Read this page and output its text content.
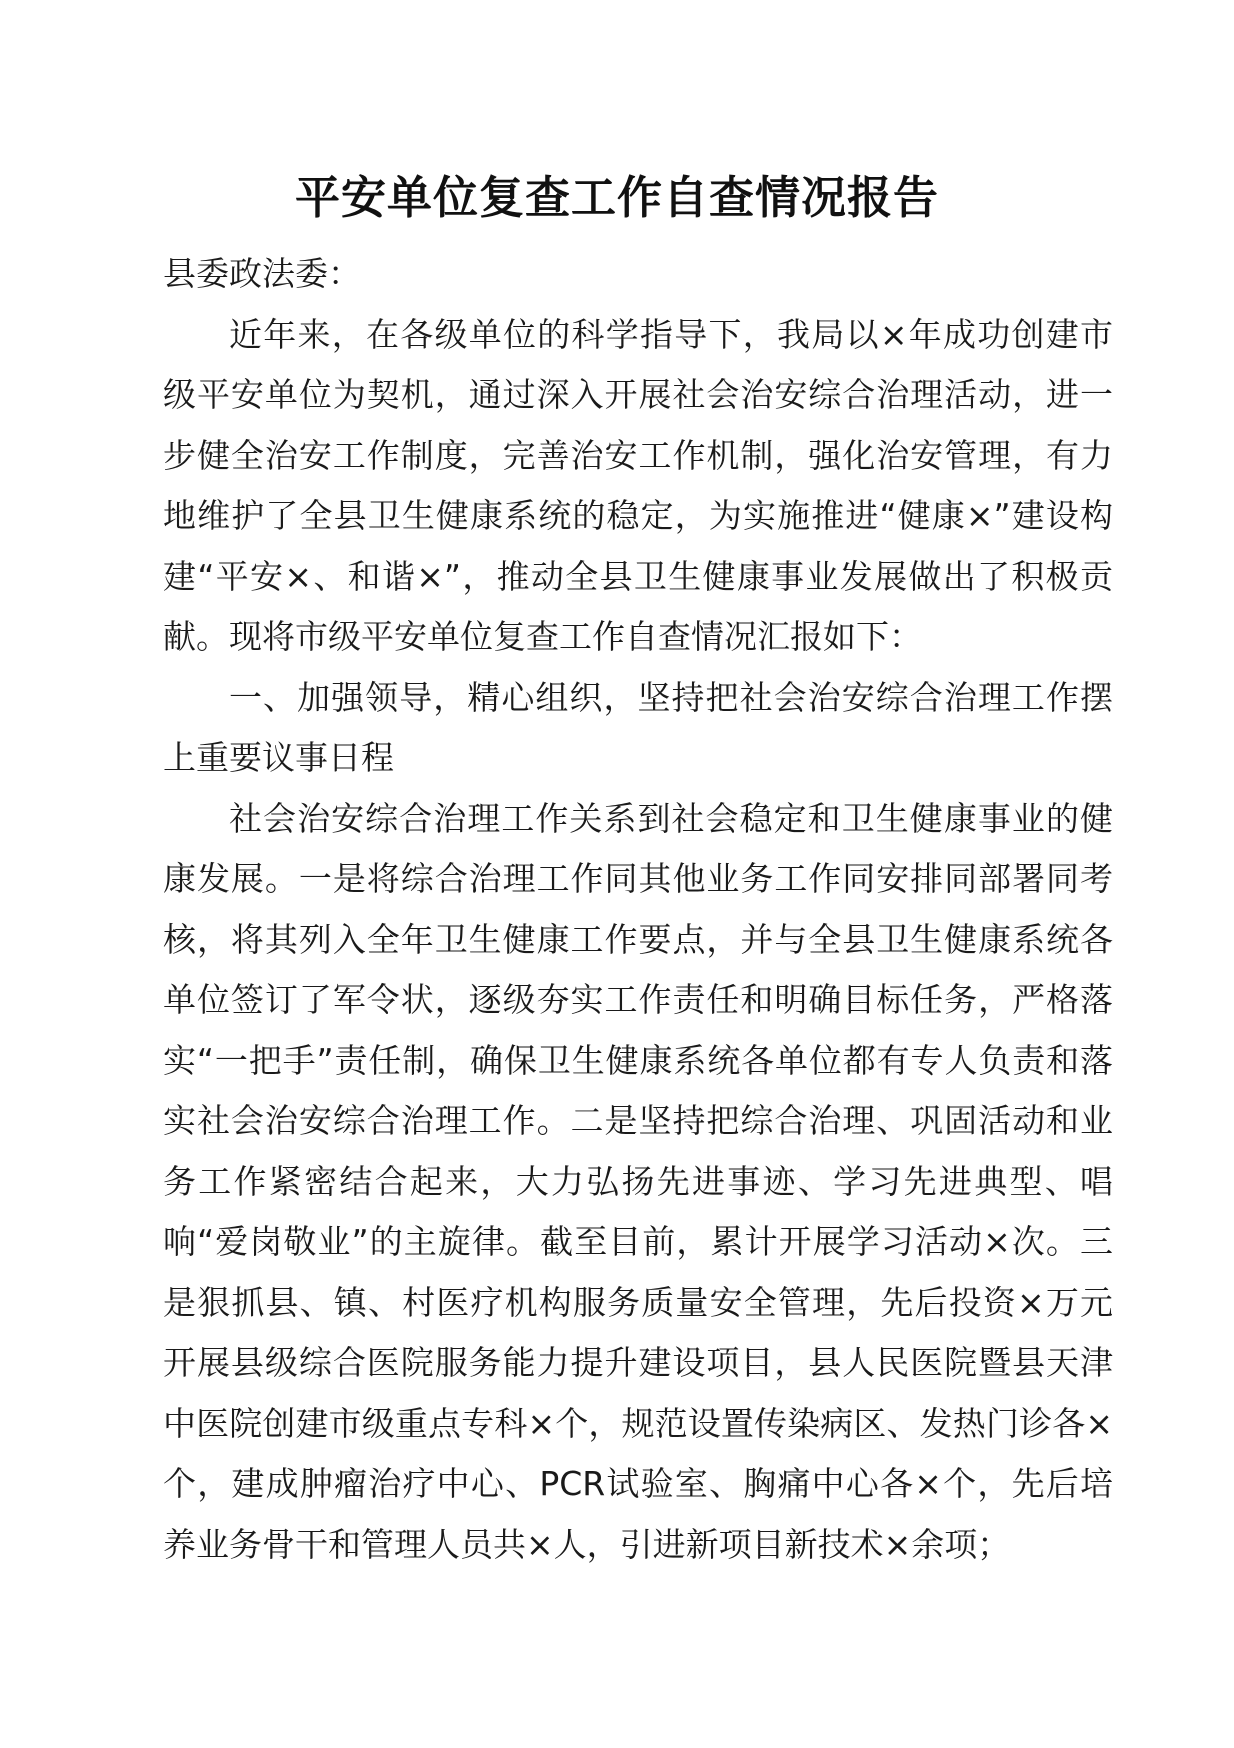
平安单位复查工作自查情况报告

县委政法委：

近年来，在各级单位的科学指导下，我局以×年成功创建市级平安单位为契机，通过深入开展社会治安综合治理活动，进一步健全治安工作制度，完善治安工作机制，强化治安管理，有力地维护了全县卫生健康系统的稳定，为实施推进“健康×”建设构建“平安×、和谐×”，推动全县卫生健康事业发展做出了积极贡献。现将市级平安单位复查工作自查情况汇报如下：

一、加强领导，精心组织，坚持把社会治安综合治理工作摆上重要议事日程

社会治安综合治理工作关系到社会稳定和卫生健康事业的健康发展。一是将综合治理工作同其他业务工作同安排同部署同考核，将其列入全年卫生健康工作要点，并与全县卫生健康系统各单位签订了军令状，逐级夯实工作责任和明确目标任务，严格落实“一把手”责任制，确保卫生健康系统各单位都有专人负责和落实社会治安综合治理工作。二是坚持把综合治理、巩固活动和业务工作紧密结合起来，大力弘扬先进事迹、学习先进典型、唱响“爱岗敬业”的主旋律。截至目前，累计开展学习活动×次。三是狠抓县、镇、村医疗机构服务质量安全管理，先后投资×万元开展县级综合医院服务能力提升建设项目，县人民医院暨县天津中医院创建市级重点专科×个，规范设置传染病区、发热门诊各×个，建成肿瘤治疗中心、PCR试验室、胸痛中心各×个，先后培养业务骨干和管理人员共×人，引进新项目新技术×余项；
